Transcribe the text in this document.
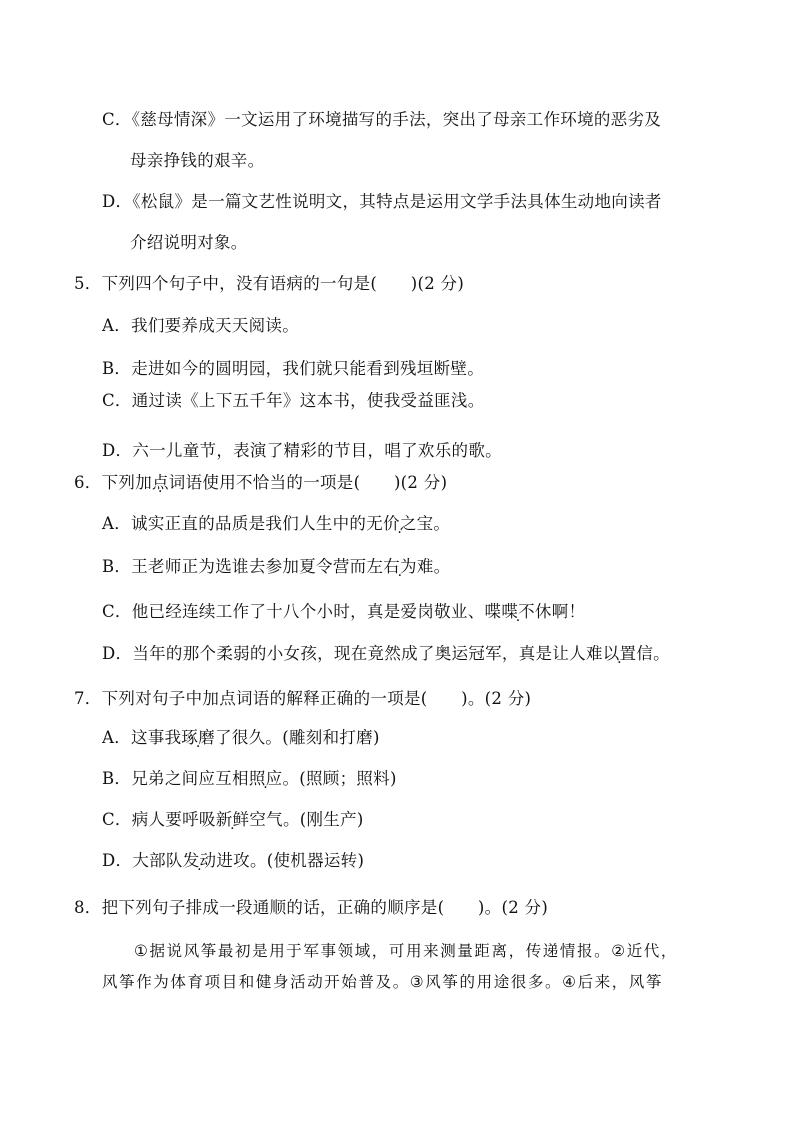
C．《慈母情深》一文运用了环境描写的手法，突出了母亲工作环境的恶劣及
母亲挣钱的艰辛。
D．《松鼠》是一篇文艺性说明文，其特点是运用文学手法具体生动地向读者
介绍说明对象。
5．下列四个句子中，没有语病的一句是(　　)(2 分)
A．我们要养成天天阅读。
B．走进如今的圆明园，我们就只能看到残垣断壁。
C．通过读《上下五千年》这本书，使我受益匪浅。
D．六一儿童节，表演了精彩的节目，唱了欢乐的歌。
6．下列加点词语使用不恰当的一项是(　　)(2 分)
A．诚实正直的品质是我们人生中的无价之宝。
B．王老师正为选谁去参加夏令营而左右为难。
C．他已经连续工作了十八个小时，真是爱岗敬业、喋喋不休啊！
D．当年的那个柔弱的小女孩，现在竟然成了奥运冠军，真是让人难以置信。
7．下列对句子中加点词语的解释正确的一项是(　　)。(2 分)
A．这事我琢磨了很久。(雕刻和打磨)
B．兄弟之间应互相照应。(照顾；照料)
C．病人要呼吸新鲜空气。(刚生产)
D．大部队发动进攻。(使机器运转)
8．把下列句子排成一段通顺的话，正确的顺序是(　　)。(2 分)
①据说风筝最初是用于军事领域，可用来测量距离，传递情报。②近代，
风筝作为体育项目和健身活动开始普及。③风筝的用途很多。④后来，风筝
